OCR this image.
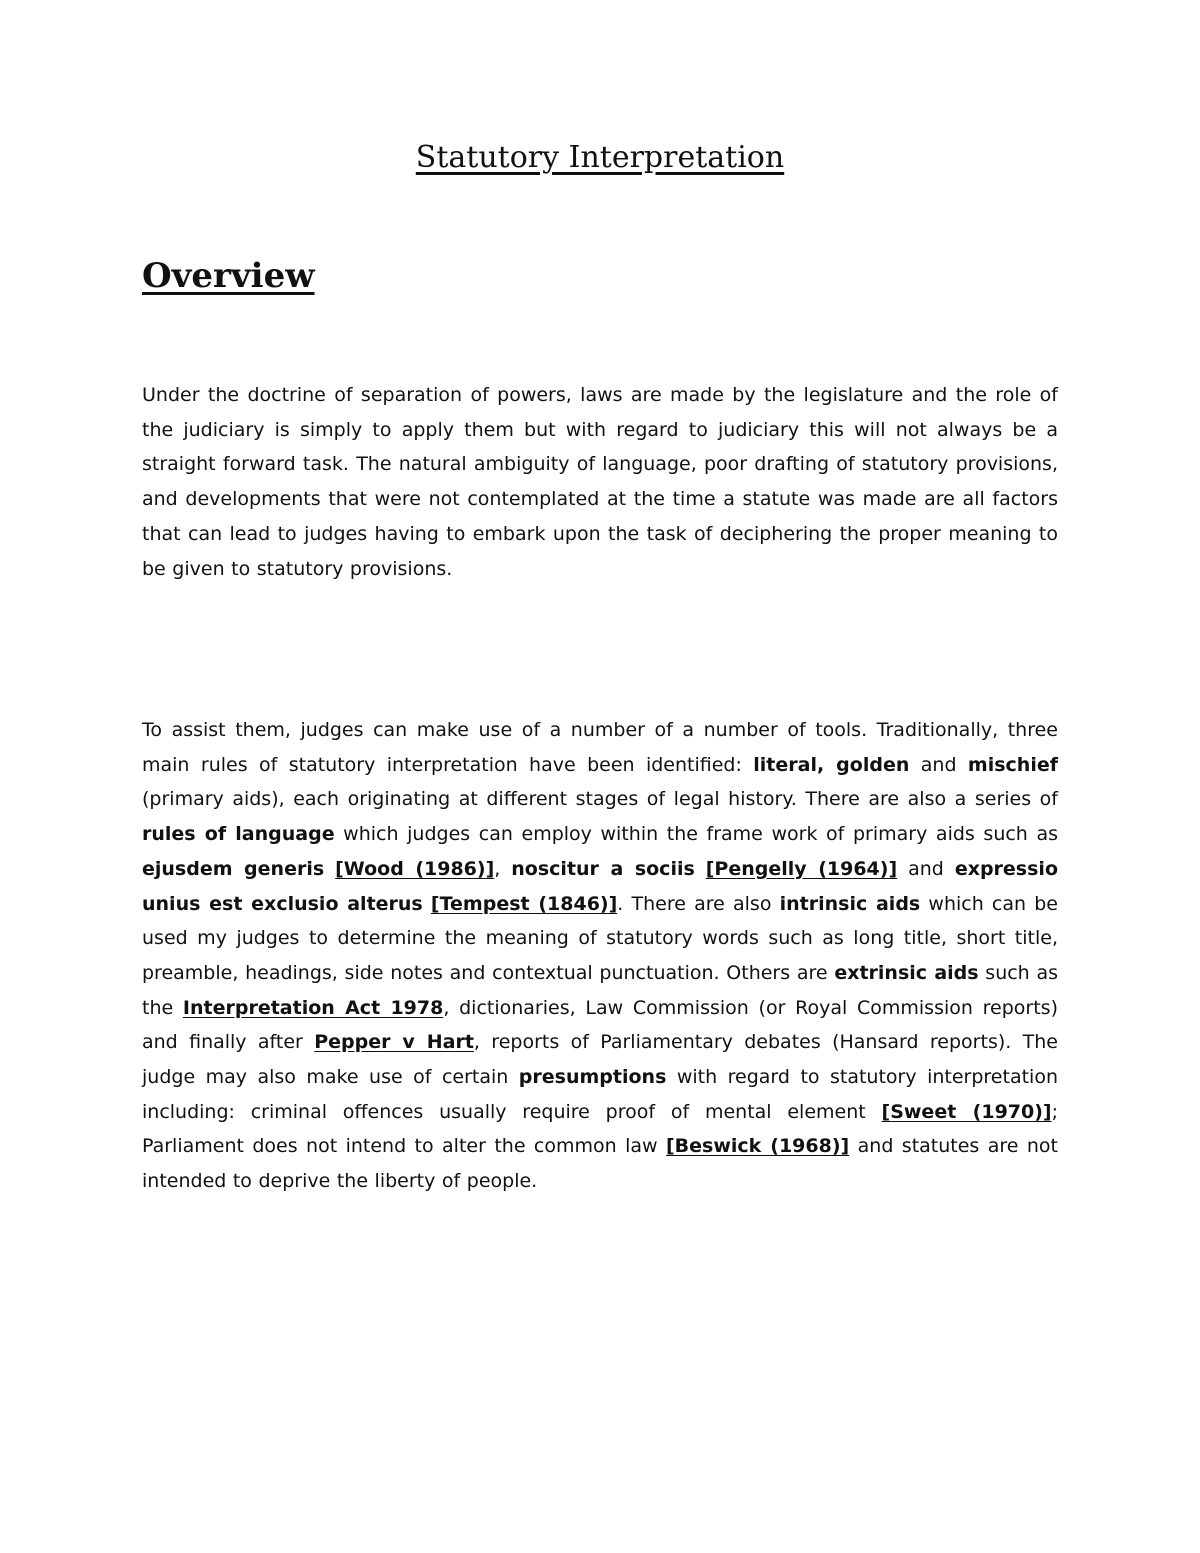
Statutory Interpretation
Overview

Under the doctrine of separation of powers, laws are made by the legislature and the role of the judiciary is simply to apply them but with regard to judiciary this will not always be a straight forward task. The natural ambiguity of language, poor drafting of statutory provisions, and developments that were not contemplated at the time a statute was made are all factors that can lead to judges having to embark upon the task of deciphering the proper meaning to be given to statutory provisions.

To assist them, judges can make use of a number of a number of tools. Traditionally, three main rules of statutory interpretation have been identified: literal, golden and mischief (primary aids), each originating at different stages of legal history. There are also a series of rules of language which judges can employ within the frame work of primary aids such as ejusdem generis [Wood (1986)], noscitur a sociis [Pengelly (1964)] and expressio unius est exclusio alterus [Tempest (1846)]. There are also intrinsic aids which can be used my judges to determine the meaning of statutory words such as long title, short title, preamble, headings, side notes and contextual punctuation. Others are extrinsic aids such as the Interpretation Act 1978, dictionaries, Law Commission (or Royal Commission reports) and finally after Pepper v Hart, reports of Parliamentary debates (Hansard reports). The judge may also make use of certain presumptions with regard to statutory interpretation including: criminal offences usually require proof of mental element [Sweet (1970)]; Parliament does not intend to alter the common law [Beswick (1968)] and statutes are not intended to deprive the liberty of people.
